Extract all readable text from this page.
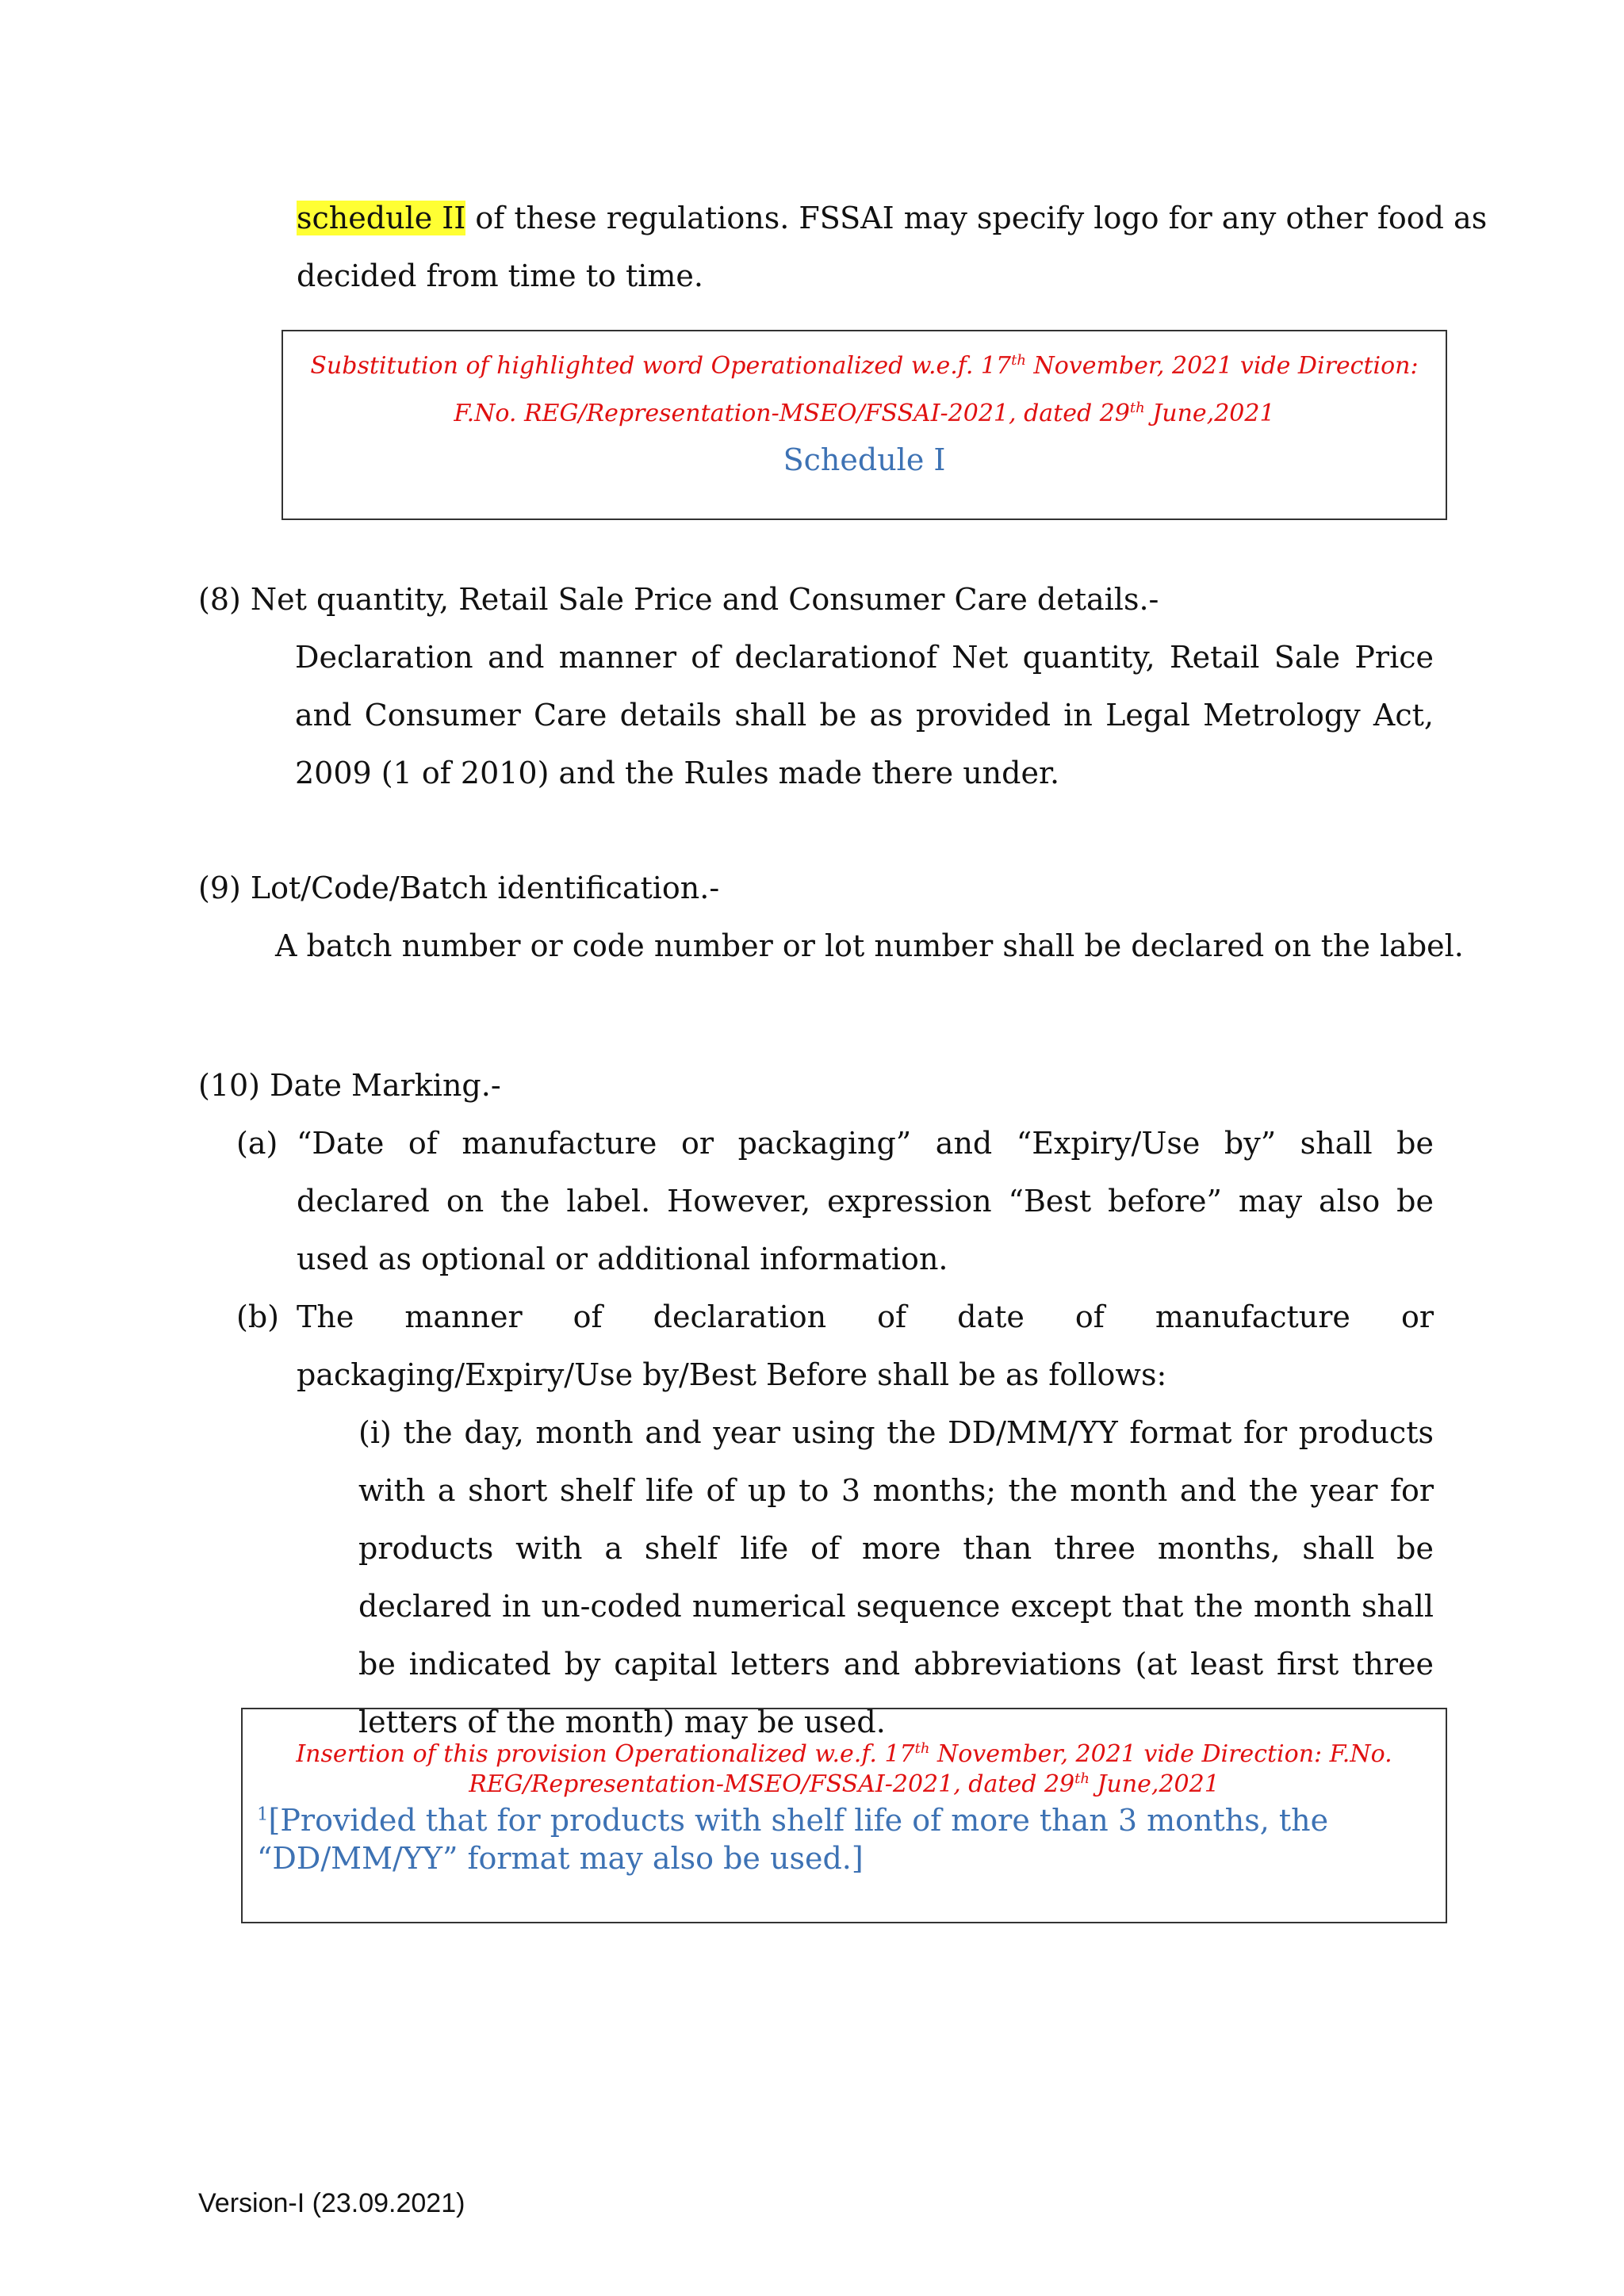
schedule II of these regulations. FSSAI may specify logo for any other food as
decided from time to time.
Substitution of highlighted word Operationalized w.e.f. 17th November, 2021 vide Direction:
F.No. REG/Representation-MSEO/FSSAI-2021, dated 29th June,2021
Schedule I
(8) Net quantity, Retail Sale Price and Consumer Care details.-
Declaration and manner of declarationof Net quantity, Retail Sale Price and Consumer Care details shall be as provided in Legal Metrology Act, 2009 (1 of 2010) and the Rules made there under.
(9) Lot/Code/Batch identification.-
A batch number or code number or lot number shall be declared on the label.
(10) Date Marking.-
(a) “Date of manufacture or packaging” and “Expiry/Use by” shall be declared on the label. However, expression “Best before” may also be used as optional or additional information.
(b) The manner of declaration of date of manufacture or packaging/Expiry/Use by/Best Before shall be as follows:
(i) the day, month and year using the DD/MM/YY format for products with a short shelf life of up to 3 months; the month and the year for products with a shelf life of more than three months, shall be declared in un-coded numerical sequence except that the month shall be indicated by capital letters and abbreviations (at least first three letters of the month) may be used.
Insertion of this provision Operationalized w.e.f. 17th November, 2021 vide Direction: F.No.
REG/Representation-MSEO/FSSAI-2021, dated 29th June,2021
$^1$[Provided that for products with shelf life of more than 3 months, the “DD/MM/YY” format may also be used.]
Version-I (23.09.2021)
